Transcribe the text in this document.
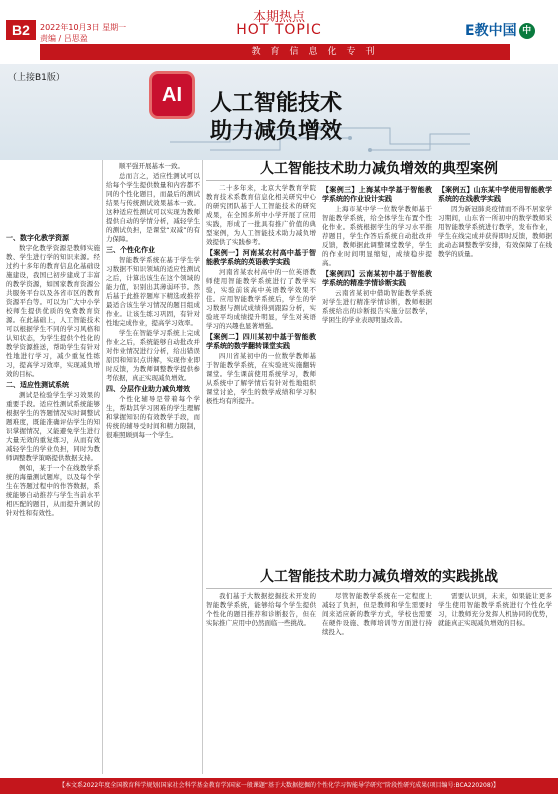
B2	2022年10月3日 星期一
责编 / 吕思盈
本期热点
HOT TOPIC
教育信息化专刊
E教中国 中
（上接B1版）
AI	人工智能技术
助力减负增效
一、数字化教学资源

数字化教学资源是教师实施教、学生进行学的知识来源。经过约十多年的教育信息化基础设施建设，我国已初步建成了丰富的教学资源，如国家教育资源公共服务平台以及各省市区的教育资源平台等。可以为广大中小学校师生提供优质的免费教育资源。在此基础上，人工智能技术可以根据学生不同的学习风格和认知状态，为学生提供个性化的教学资源推送，帮助学生有针对性地进行学习，减少重复性练习，提高学习效率，实现减负增效的目标。

二、适应性测试系统

测试是检验学生学习效果的重要手段。适应性测试系统能够根据学生的答题情况实时调整试题难度，既能准确评估学生的知识掌握情况，又能避免学生进行大量无效的重复练习，从而有效减轻学生的学业负担，同时为教师调整教学策略提供数据支持。

例如，某于一个在线教学系统的海量测试题库，以及每个学生在答题过程中的作答数据，系统能够自动推荐与学生当前水平相匹配的题目，从而提升测试的针对性和有效性。

顺平强开展基本一致。

总而言之，适应性测试可以给每个学生提供数量和内容都不同的个性化题目，而最后的测试结果与传统测试效果基本一致。这种适应性测试可以实现为教师提供自动的学情分析，减轻学生的测试负担，是课堂“双减”的有力保障。

三、个性化作业

智能教学系统在基于学生学习数据不知识领域的适应性测试之后，计算出该生在这个领域的能力值，识别出其薄弱环节。然后基于此推荐题库下精选或推荐最适合该生学习情况的题目组成作业。让该生练习巩固，有针对性地完成作业，提高学习效率。

学生在智能学习系统上完成作业之后，系统能够自动批改并对作业情况进行分析，给出错误原因和知识点讲解，实现作业即时反馈，为教师调整教学提供参考依据，真正实现减负增效。

四、分层作业助力减负增效

个性化辅导是带着每个学生，帮助其学习困难的学生理解和掌握知识的有效教学手段，而传统的辅导受时间和精力限制，很难照顾到每一个学生。

人工智能技术助力减负增效的典型案例

二十多年来，北京大学教育学院教育技术系教育信息化相关研究中心的研究团队基于人工智能技术的研究成果，在全国多所中小学开展了应用实践，形成了一批具有推广价值的典型案例，为人工智能技术助力减负增效提供了实践参考。

【案例一】河南某农村高中基于智能教学系统的英语教学实践

河南省某农村高中的一位英语教师使用智能教学系统进行了教学实验，实验前该高中英语教学效果不佳。应用智能教学系统后，学生的学习数据与测试成绩得到跟踪分析，实验班平均成绩提升明显，学生对英语学习的兴趣也显著增强。

【案例二】四川某初中基于智能教学系统的数学翻转课堂实践

四川省某初中的一位数学教师基于智能教学系统，在实验班实施翻转课堂。学生课前使用系统学习，教师从系统中了解学情后有针对性地组织课堂讨论，学生的数学成绩和学习积极性均有所提升。

【案例三】上海某中学基于智能教学系统的作业设计实践

上海市某中学一位数学教师基于智能教学系统，给全体学生布置个性化作业。系统根据学生的学习水平推荐题目，学生作答后系统自动批改并反馈，教师据此调整课堂教学，学生的作业时间明显缩短，成绩稳步提高。

【案例四】云南某初中基于智能教学系统的精准学情诊断实践

云南省某初中借助智能教学系统对学生进行精准学情诊断，教师根据系统给出的诊断报告实施分层教学，学困生的学业表现明显改善。

【案例五】山东某中学使用智能教学系统的在线教学实践

因为新冠肺炎疫情而不得不居家学习期间，山东省一所初中的数学教师采用智能教学系统进行教学，发布作业，学生在线完成并获得即时反馈，教师据此动态调整教学安排，有效保障了在线教学的质量。

人工智能技术助力减负增效的实践挑战

我们基于大数据挖掘技术开发的智能教学系统，能够给每个学生提供个性化的题目推荐和诊断报告，但在实际推广应用中仍然面临一些挑战。

尽管智能教学系统在一定程度上减轻了负担，但是教师和学生需要时间来适应新的教学方式，学校也需要在硬件设施、教师培训等方面进行持续投入。

需要认识到，未来，如果能让更多学生使用智能教学系统进行个性化学习，让教师充分发挥人机协同的优势，就能真正实现减负增效的目标。

【本文系2022年度全国教育科学规划(国家社会科学基金教育学)国家一般课题“基于大数据挖掘的个性化学习智能导学研究”阶段性研究成果(项目编号:BCA220208)】
